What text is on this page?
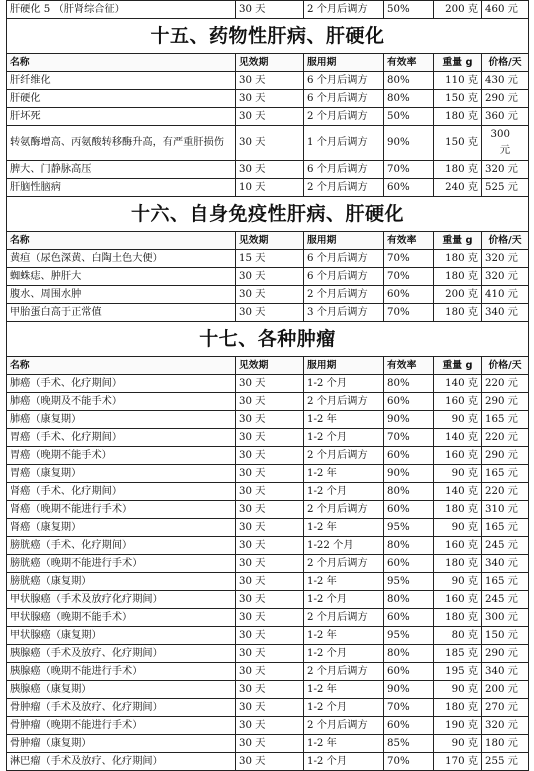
肝硬化 5 （肝肾综合征）	30 天	2 个月后调方	50%	200 克	460 元
十五、药物性肝病、肝硬化					
名称	见效期	服用期	有效率	重量 g	价格/天
肝纤维化	30 天	6 个月后调方	80%	110 克	430 元
肝硬化	30 天	6 个月后调方	80%	150 克	290 元
肝坏死	30 天	2 个月后调方	50%	180 克	360 元
转氨酶增高、丙氨酸转移酶升高，有严重肝损伤	30 天	1 个月后调方	90%	150 克	300 元
脾大、门静脉高压	30 天	6 个月后调方	70%	180 克	320 元
肝脑性脑病	10 天	2 个月后调方	60%	240 克	525 元
十六、自身免疫性肝病、肝硬化					
名称	见效期	服用期	有效率	重量 g	价格/天
黄疸（尿色深黄、白陶土色大便）	15 天	6 个月后调方	70%	180 克	320 元
蜘蛛痣、肿肝大	30 天	6 个月后调方	70%	180 克	320 元
腹水、周围水肿	30 天	2 个月后调方	60%	200 克	410 元
甲胎蛋白高于正常值	30 天	3 个月后调方	70%	180 克	340 元
十七、各种肿瘤					
名称	见效期	服用期	有效率	重量 g	价格/天
肺癌（手术、化疗期间）	30 天	1-2 个月	80%	140 克	220 元
肺癌（晚期及不能手术）	30 天	2 个月后调方	60%	160 克	290 元
肺癌（康复期）	30 天	1-2 年	90%	90 克	165 元
胃癌（手术、化疗期间）	30 天	1-2 个月	70%	140 克	220 元
胃癌（晚期不能手术）	30 天	2 个月后调方	60%	160 克	290 元
胃癌（康复期）	30 天	1-2 年	90%	90 克	165 元
肾癌（手术、化疗期间）	30 天	1-2 个月	80%	140 克	220 元
肾癌（晚期不能进行手术）	30 天	2 个月后调方	60%	180 克	310 元
肾癌（康复期）	30 天	1-2 年	95%	90 克	165 元
膀胱癌（手术、化疗期间）	30 天	1-22 个月	80%	160 克	245 元
膀胱癌（晚期不能进行手术）	30 天	2 个月后调方	60%	180 克	340 元
膀胱癌（康复期）	30 天	1-2 年	95%	90 克	165 元
甲状腺癌（手术及放疗化疗期间）	30 天	1-2 个月	80%	160 克	245 元
甲状腺癌（晚期不能手术）	30 天	2 个月后调方	60%	180 克	300 元
甲状腺癌（康复期）	30 天	1-2 年	95%	80 克	150 元
胰腺癌（手术及放疗、化疗期间）	30 天	1-2 个月	80%	185 克	290 元
胰腺癌（晚期不能进行手术）	30 天	2 个月后调方	60%	195 克	340 元
胰腺癌（康复期）	30 天	1-2 年	90%	90 克	200 元
骨肿瘤（手术及放疗、化疗期间）	30 天	1-2 个月	70%	180 克	270 元
骨肿瘤（晚期不能进行手术）	30 天	2 个月后调方	60%	190 克	320 元
骨肿瘤（康复期）	30 天	1-2 年	85%	90 克	180 元
淋巴瘤（手术及放疗、化疗期间）	30 天	1-2 个月	70%	170 克	255 元
